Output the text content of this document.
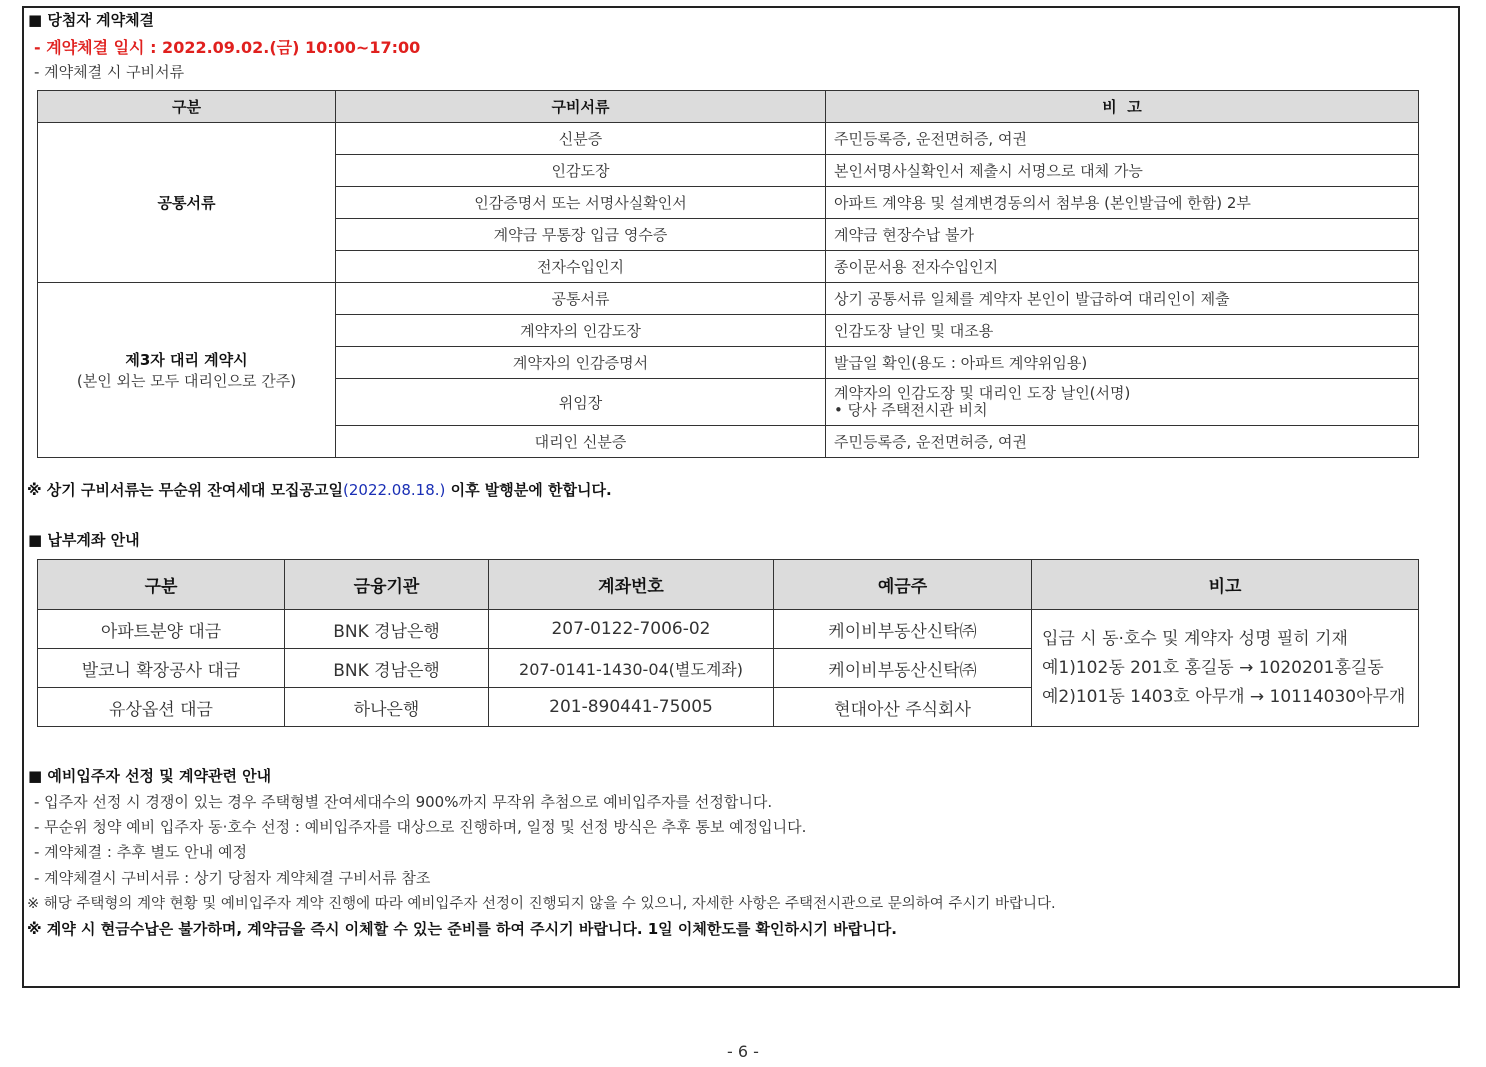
■ 당첨자 계약체결
- 계약체결 일시 : 2022.09.02.(금) 10:00~17:00
- 계약체결 시 구비서류
구분	구비서류	비  고
공통서류	신분증	주민등록증, 운전면허증, 여권
	인감도장	본인서명사실확인서 제출시 서명으로 대체 가능
	인감증명서 또는 서명사실확인서	아파트 계약용 및 설계변경동의서 첨부용 (본인발급에 한함) 2부
	계약금 무통장 입금 영수증	계약금 현장수납 불가
	전자수입인지	종이문서용 전자수입인지

제3자 대리 계약시
(본인 외는 모두 대리인으로 간주)	공통서류	상기 공통서류 일체를 계약자 본인이 발급하여 대리인이 제출
	계약자의 인감도장	인감도장 날인 및 대조용
	계약자의 인감증명서	발급일 확인(용도 : 아파트 계약위임용)
	위임장	계약자의 인감도장 및 대리인 도장 날인(서명)
• 당사 주택전시관 비치

	대리인 신분증	주민등록증, 운전면허증, 여권
※ 상기 구비서류는 무순위 잔여세대 모집공고일(2022.08.18.) 이후 발행분에 한합니다.
■ 납부계좌 안내
구분	금융기관	계좌번호	예금주	비고
아파트분양 대금	BNK 경남은행	207-0122-7006-02	케이비부동산신탁㈜	입금 시 동·호수 및 계약자 성명 필히 기재
예1)102동 201호 홍길동 → 1020201홍길동
예2)101동 1403호 아무개 → 10114030아무개

발코니 확장공사 대금	BNK 경남은행	207-0141-1430-04(별도계좌)	케이비부동산신탁㈜	
유상옵션 대금	하나은행	201-890441-75005	현대아산 주식회사	
■ 예비입주자 선정 및 계약관련 안내
- 입주자 선정 시 경쟁이 있는 경우 주택형별 잔여세대수의 900%까지 무작위 추첨으로 예비입주자를 선정합니다.
- 무순위 청약 예비 입주자 동·호수 선정 : 예비입주자를 대상으로 진행하며, 일정 및 선정 방식은 추후 통보 예정입니다.
- 계약체결 : 추후 별도 안내 예정
- 계약체결시 구비서류 : 상기 당첨자 계약체결 구비서류 참조
※ 해당 주택형의 계약 현황 및 예비입주자 계약 진행에 따라 예비입주자 선정이 진행되지 않을 수 있으니, 자세한 사항은 주택전시관으로 문의하여 주시기 바랍니다.
※ 계약 시 현금수납은 불가하며, 계약금을 즉시 이체할 수 있는 준비를 하여 주시기 바랍니다. 1일 이체한도를 확인하시기 바랍니다.
- 6 -
